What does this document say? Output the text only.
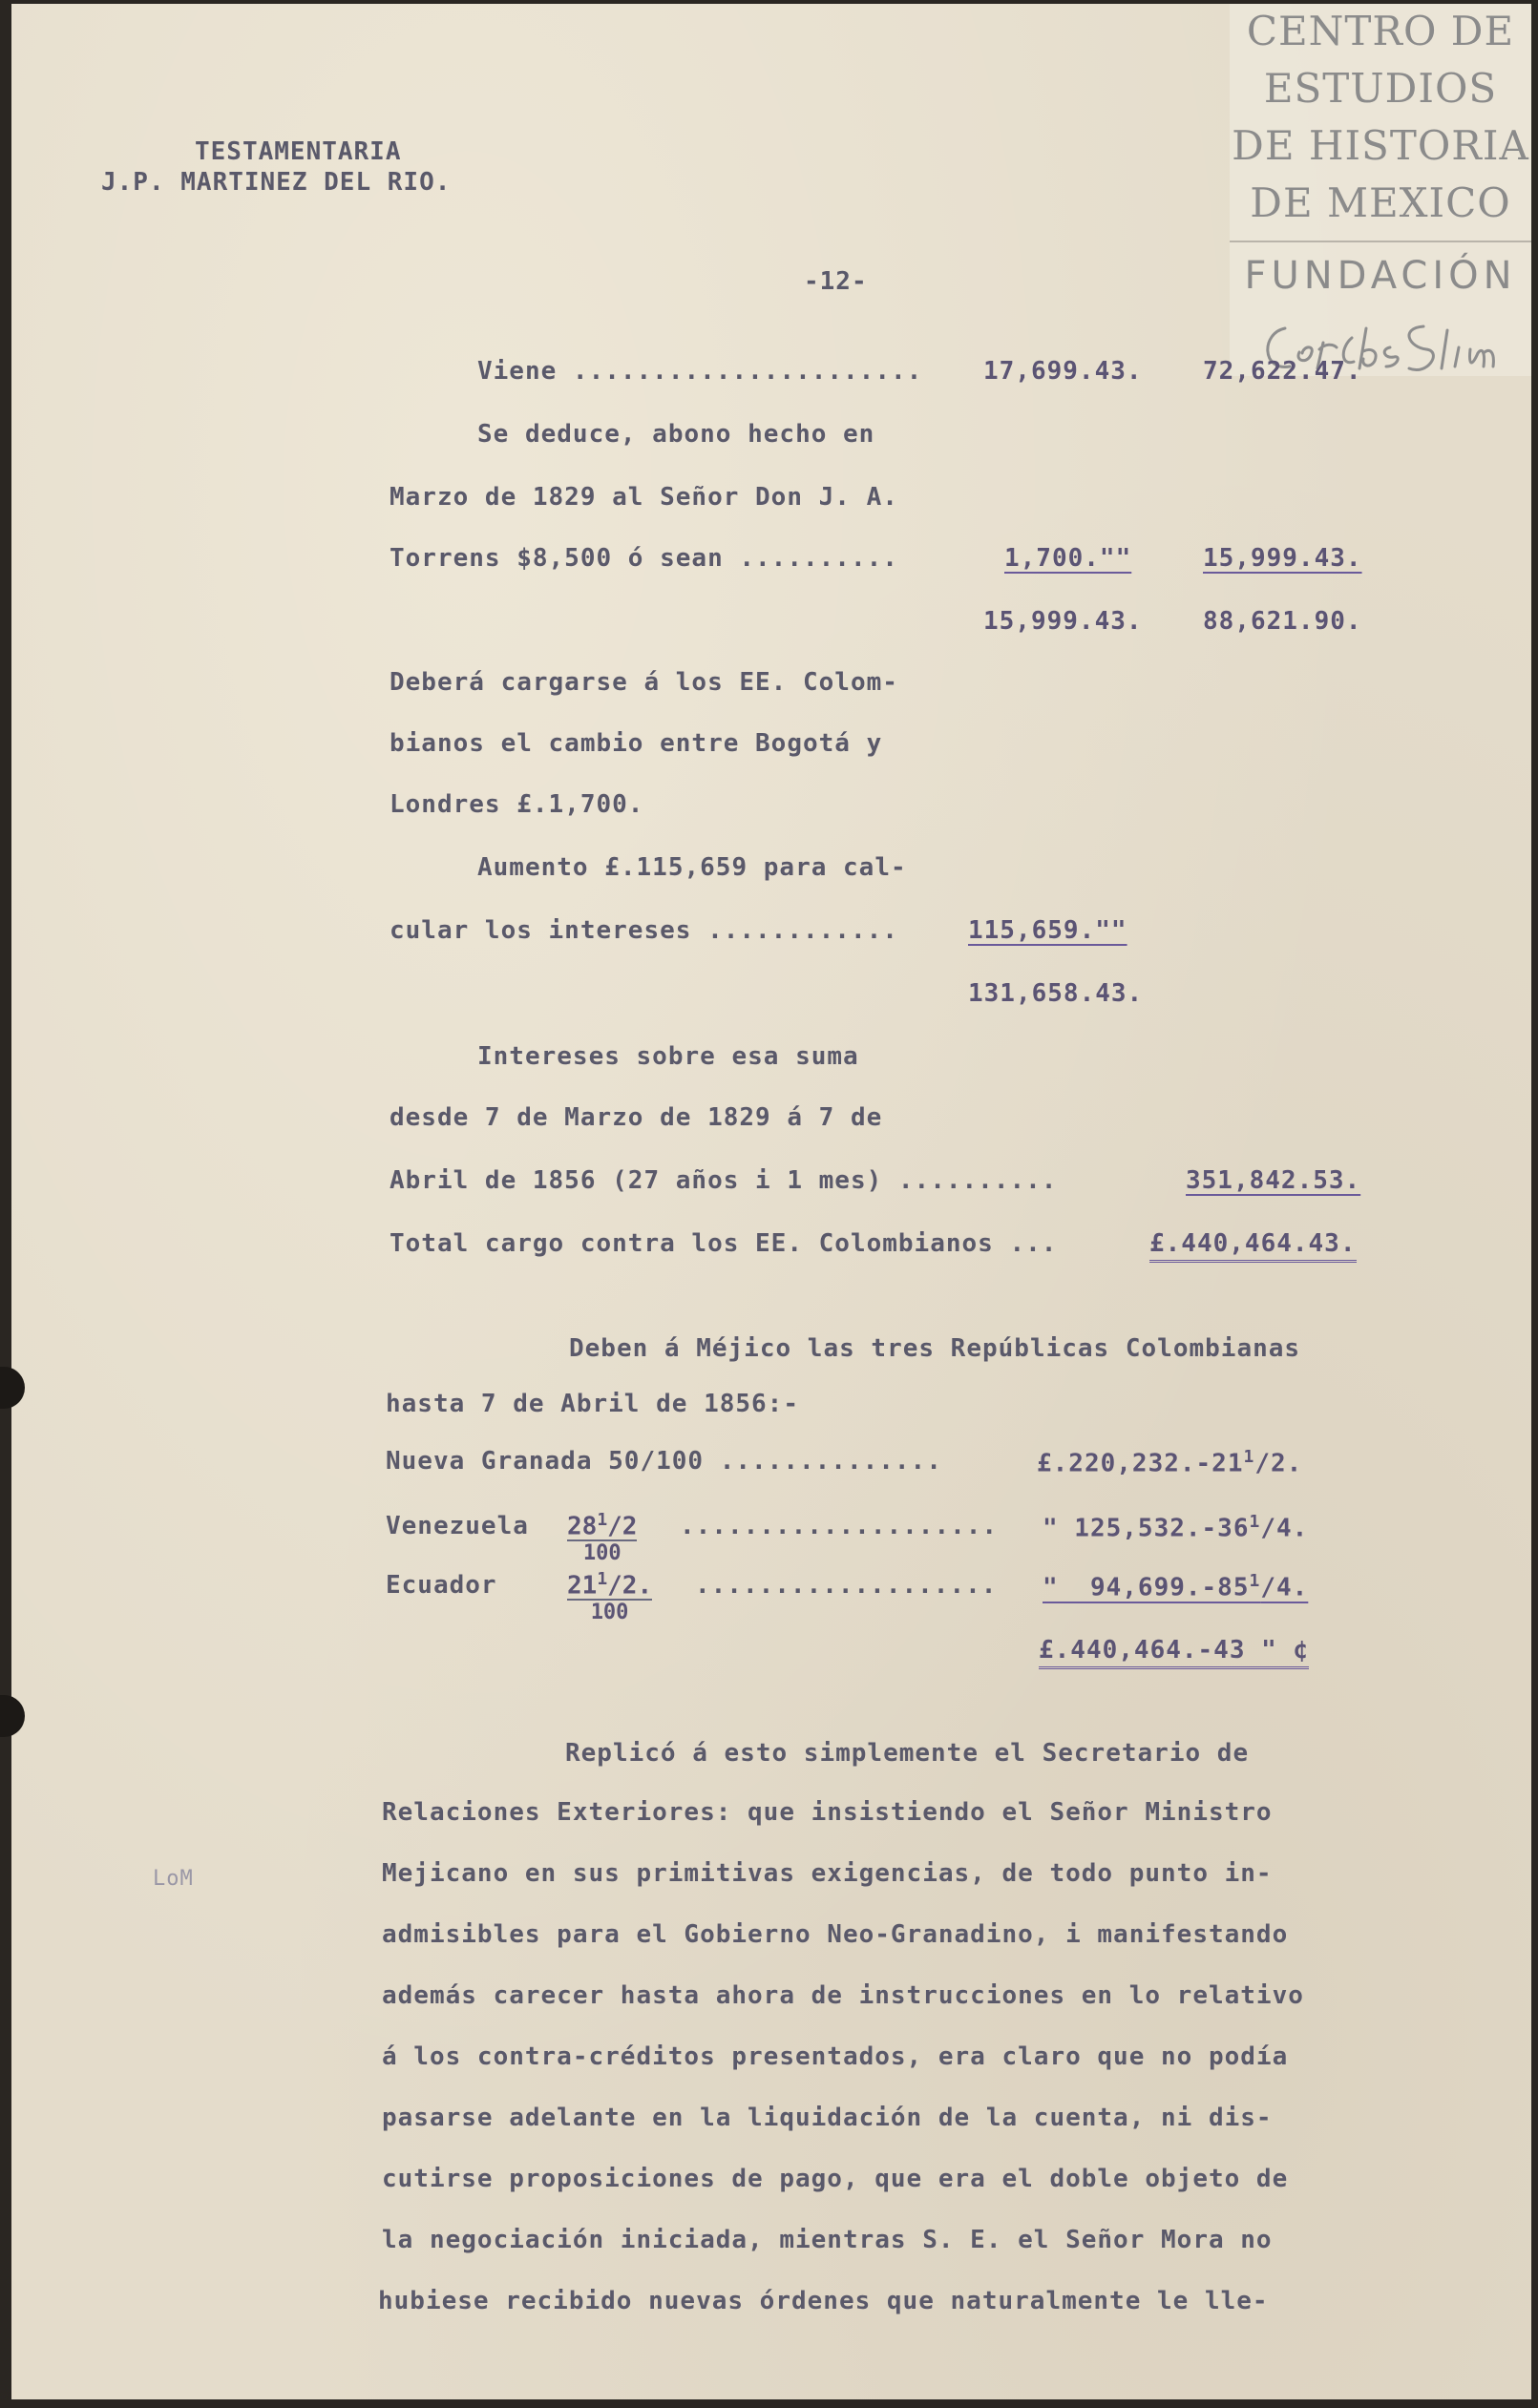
CENTRO DE
ESTUDIOS
DE HISTORIA
DE MEXICO
FUNDACIÓN
TESTAMENTARIA
J.P. MARTINEZ DEL RIO.
-12-
Viene ...................... 17,699.43. 72,622.47.
Se deduce, abono hecho en
Marzo de 1829 al Señor Don J. A.
Torrens $8,500 ó sean ..........	1,700.""	15,999.43.
15,999.43. 88,621.90.
Deberá cargarse á los EE. Colom-
bianos el cambio entre Bogotá y
Londres £.1,700.
Aumento £.115,659 para cal-
cular los intereses ............	115,659.""
131,658.43.
Intereses sobre esa suma
desde 7 de Marzo de 1829 á 7 de
Abril de 1856 (27 años i 1 mes) ..........	351,842.53.
Total cargo contra los EE. Colombianos ...	£.440,464.43.
Deben á Méjico las tres Repúblicas Colombianas
hasta 7 de Abril de 1856:-
Nueva Granada 50/100 ..............	$£.220,232.-21^1/2$.
Venezuela $28^1/2$
100
.................... " $125,532.-36^1/4$.
Ecuador	$21^1/2$.
100
................... "  $94,699.-85^1/4$.
£.440,464.-43 " ¢
LoM
Replicó á esto simplemente el Secretario de
Relaciones Exteriores: que insistiendo el Señor Ministro
Mejicano en sus primitivas exigencias, de todo punto in-
admisibles para el Gobierno Neo-Granadino, i manifestando
además carecer hasta ahora de instrucciones en lo relativo
á los contra-créditos presentados, era claro que no podía
pasarse adelante en la liquidación de la cuenta, ni dis-
cutirse proposiciones de pago, que era el doble objeto de
la negociación iniciada, mientras S. E. el Señor Mora no
hubiese recibido nuevas órdenes que naturalmente le lle-
